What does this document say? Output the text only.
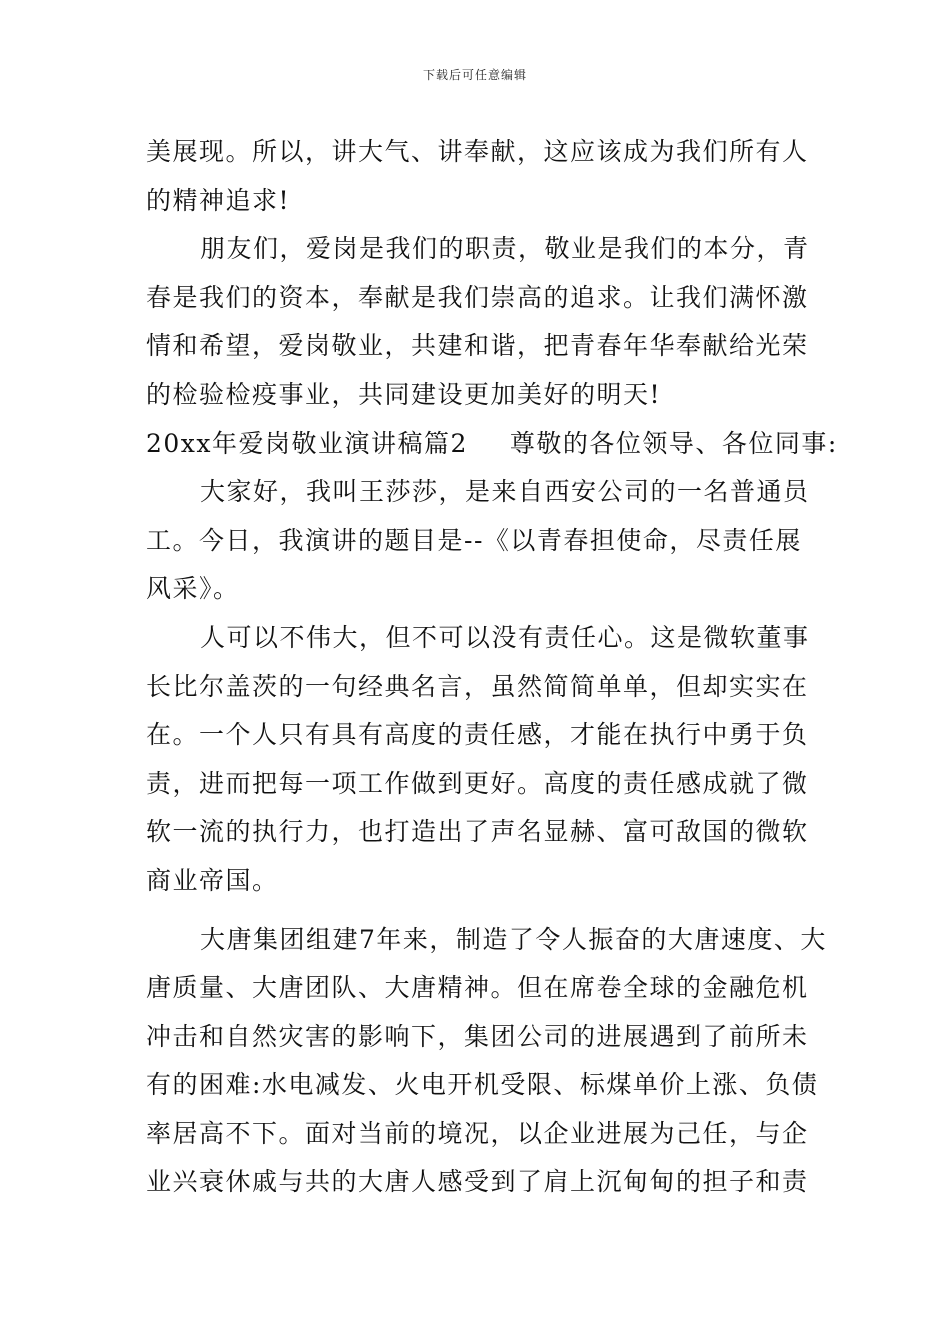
下载后可任意编辑
美展现。所以，讲大气、讲奉献，这应该成为我们所有人
的精神追求!
朋友们，爱岗是我们的职责，敬业是我们的本分，青
春是我们的资本，奉献是我们崇高的追求。让我们满怀激
情和希望，爱岗敬业，共建和谐，把青春年华奉献给光荣
的检验检疫事业，共同建设更加美好的明天!
20xx年爱岗敬业演讲稿篇2 尊敬的各位领导、各位同事:
大家好，我叫王莎莎，是来自西安公司的一名普通员
工。今日，我演讲的题目是--《以青春担使命，尽责任展
风采》。
人可以不伟大，但不可以没有责任心。这是微软董事
长比尔盖茨的一句经典名言，虽然简简单单，但却实实在
在。一个人只有具有高度的责任感，才能在执行中勇于负
责，进而把每一项工作做到更好。高度的责任感成就了微
软一流的执行力，也打造出了声名显赫、富可敌国的微软
商业帝国。
大唐集团组建7年来，制造了令人振奋的大唐速度、大
唐质量、大唐团队、大唐精神。但在席卷全球的金融危机
冲击和自然灾害的影响下，集团公司的进展遇到了前所未
有的困难:水电减发、火电开机受限、标煤单价上涨、负债
率居高不下。面对当前的境况，以企业进展为己任，与企
业兴衰休戚与共的大唐人感受到了肩上沉甸甸的担子和责
